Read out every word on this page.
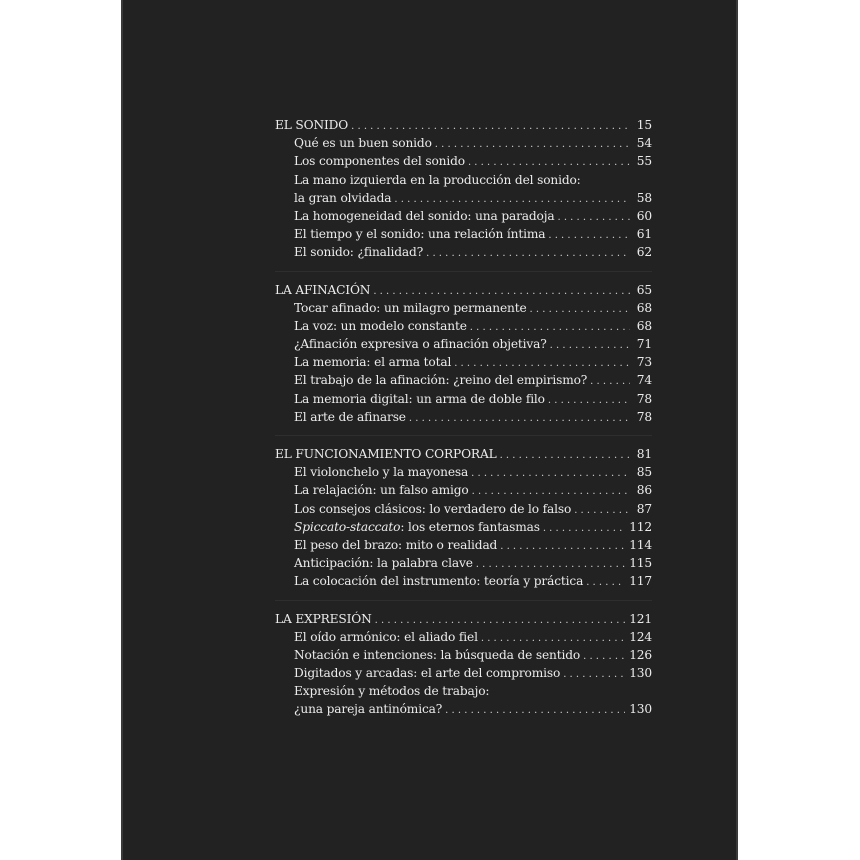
EL SONIDO . . .	15
Qué es un buen sonido . . .	54
Los componentes del sonido . . .	55
La mano izquierda en la producción del sonido:
la gran olvidada . . .	58
La homogeneidad del sonido: una paradoja . . .	60
El tiempo y el sonido: una relación íntima . . .	61
El sonido: ¿finalidad? . . .	62
LA AFINACIÓN . . .	65
Tocar afinado: un milagro permanente . . .	68
La voz: un modelo constante . . .	68
¿Afinación expresiva o afinación objetiva? . . .	71
La memoria: el arma total . . .	73
El trabajo de la afinación: ¿reino del empirismo? . . .	74
La memoria digital: un arma de doble filo . . .	78
El arte de afinarse . . .	78
EL FUNCIONAMIENTO CORPORAL . . .	81
El violonchelo y la mayonesa . . .	85
La relajación: un falso amigo . . .	86
Los consejos clásicos: lo verdadero de lo falso . . .	87
Spiccato-staccato: los eternos fantasmas . . .	112
El peso del brazo: mito o realidad . . .	114
Anticipación: la palabra clave . . .	115
La colocación del instrumento: teoría y práctica . . .	117
LA EXPRESIÓN . . .	121
El oído armónico: el aliado fiel . . .	124
Notación e intenciones: la búsqueda de sentido . . .	126
Digitados y arcadas: el arte del compromiso . . .	130
Expresión y métodos de trabajo:
¿una pareja antinómica? . . .	130
